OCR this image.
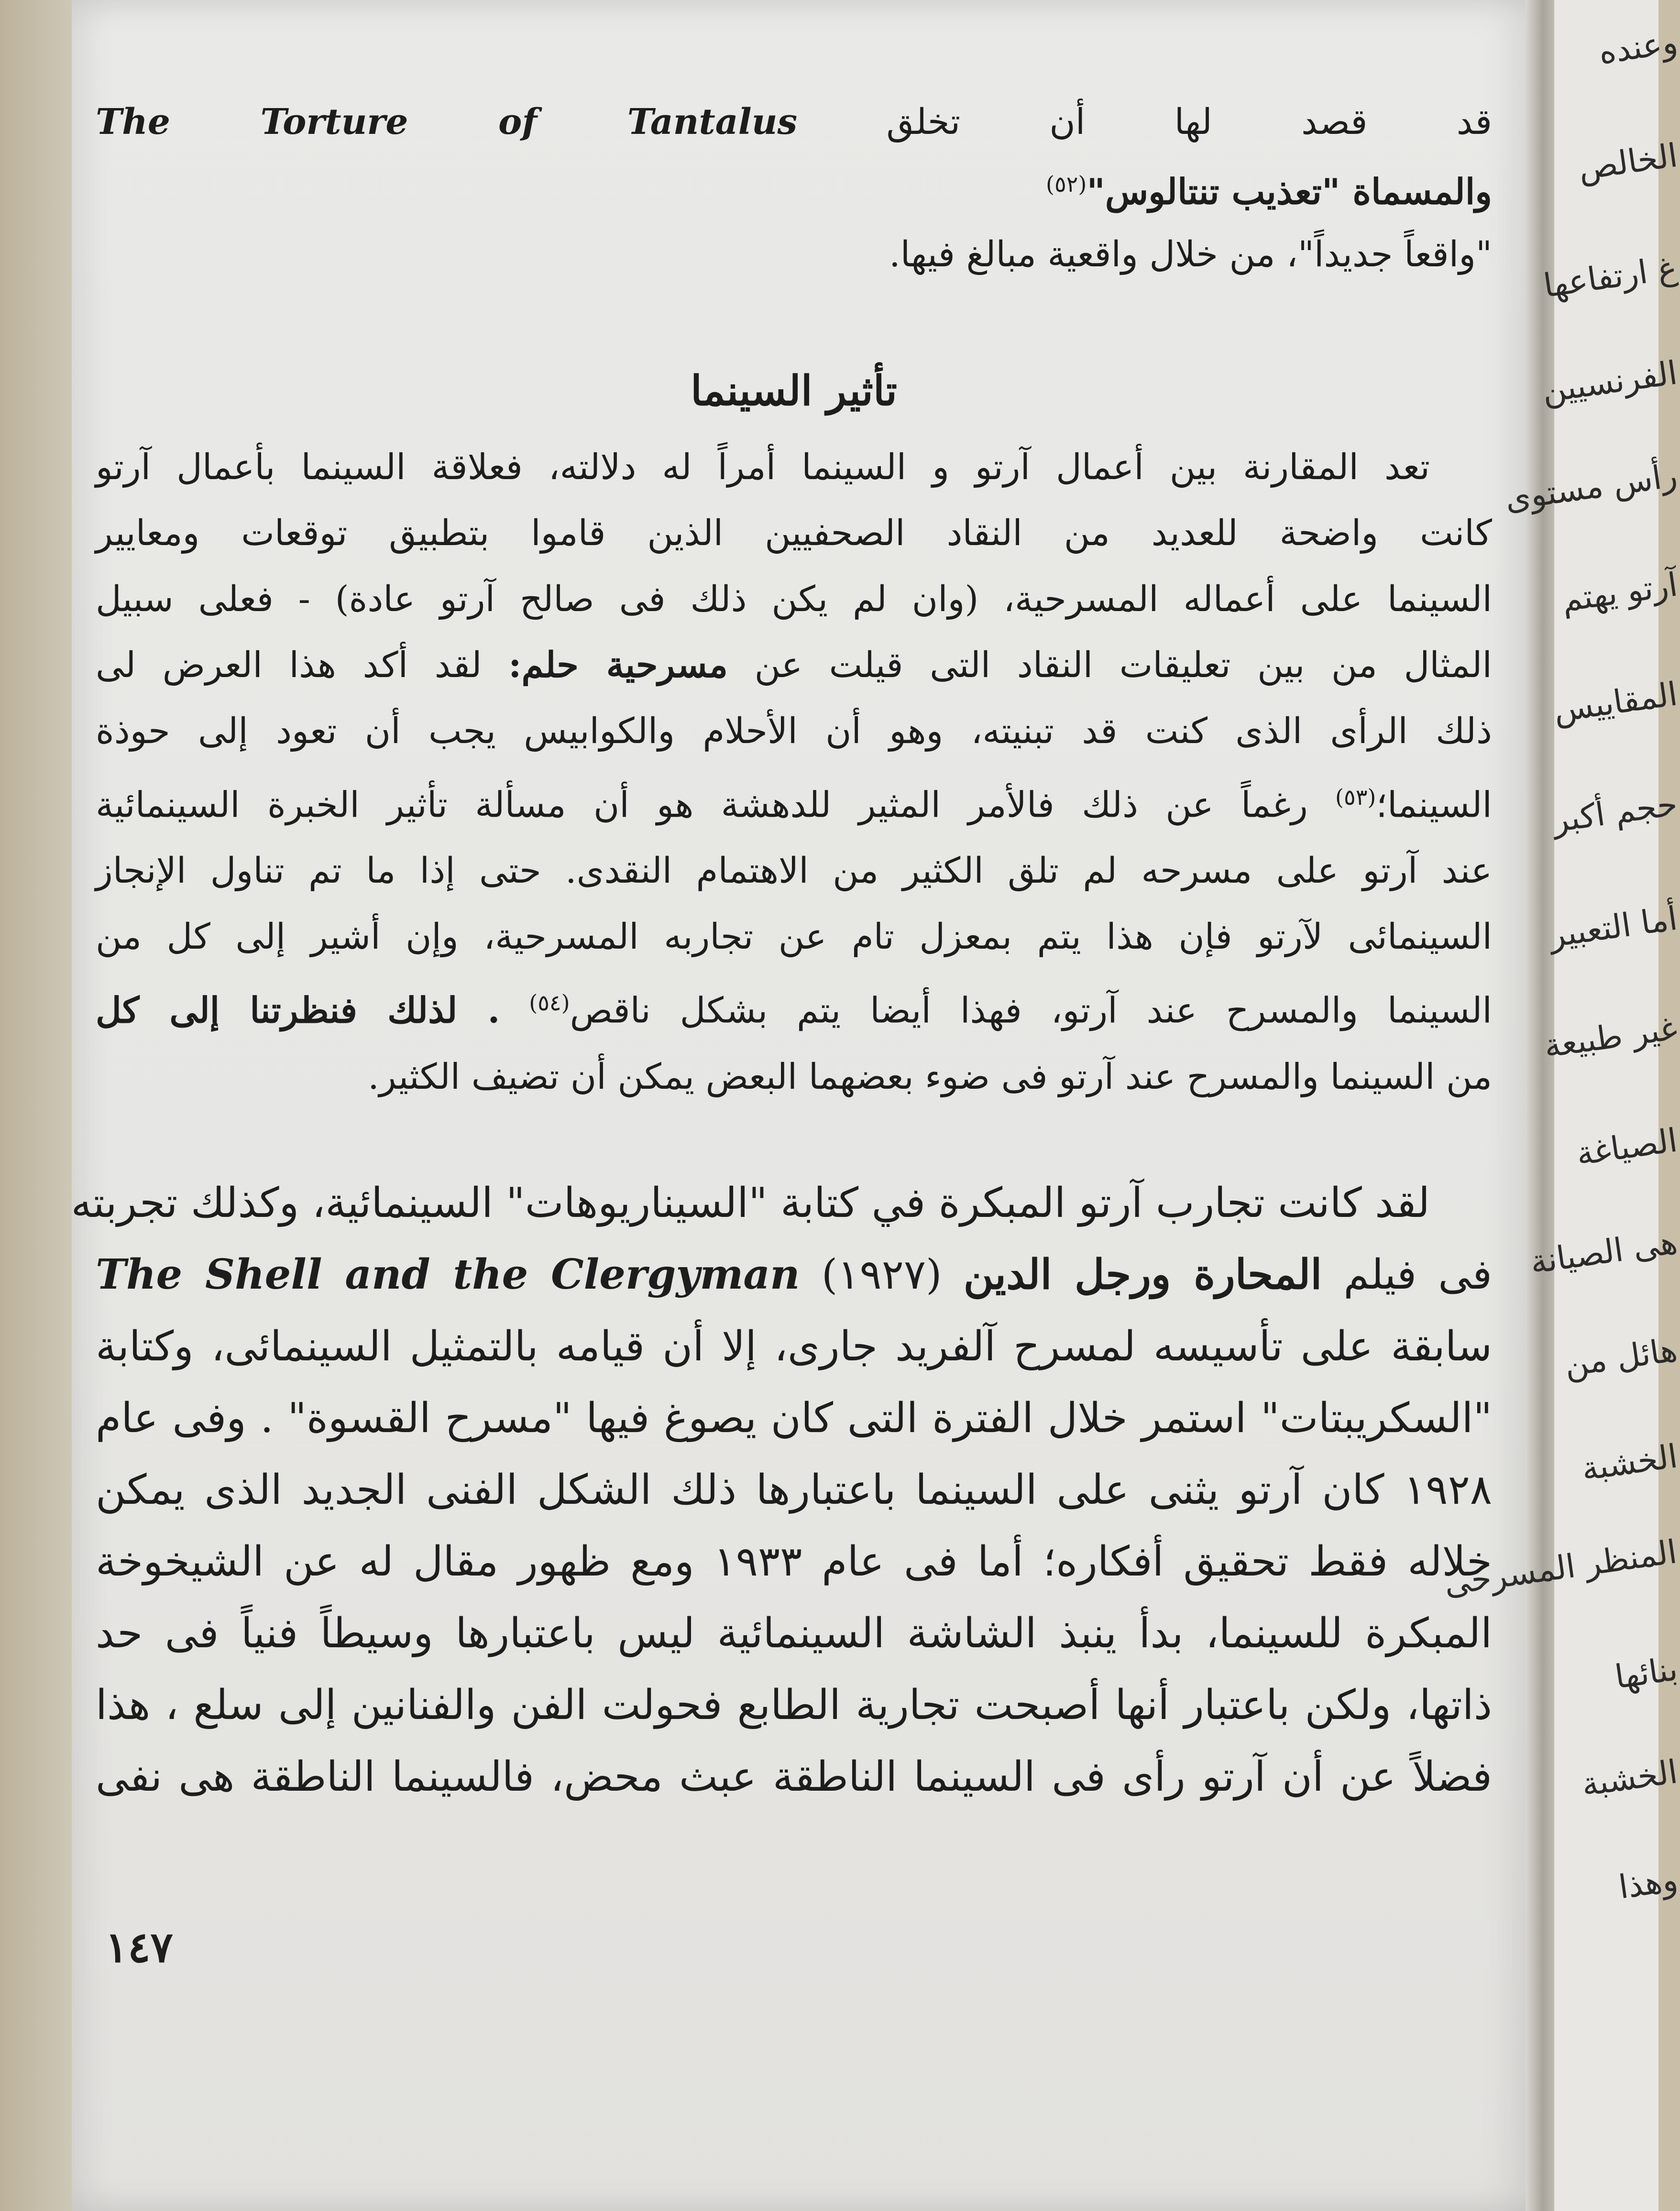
وعنده
الخالص
غ ارتفاعها
الفرنسيين
رأس مستوى
آرتو يهتم
المقاييس
حجم أكبر
أما التعبير
غير طبيعة
الصياغة
هى الصيانة
هائل من
الخشبة
المنظر المسرحى
بنائها
الخشبة
وهذا
قد قصد لها أن تخلق The Torture of Tantalus
والمسماة "تعذيب تنتالوس"$^{(٥٢)}$
"واقعاً جديداً"، من خلال واقعية مبالغ فيها.
تأثير السينما
تعد المقارنة بين أعمال آرتو و السينما أمراً له دلالته، فعلاقة السينما بأعمال آرتو
كانت واضحة للعديد من النقاد الصحفيين الذين قاموا بتطبيق توقعات ومعايير
السينما على أعماله المسرحية، (وان لم يكن ذلك فى صالح آرتو عادة) - فعلى سبيل
المثال من بين تعليقات النقاد التى قيلت عن مسرحية حلم: لقد أكد هذا العرض لى
ذلك الرأى الذى كنت قد تبنيته، وهو أن الأحلام والكوابيس يجب أن تعود إلى حوذة
السينما؛$^{(٥٣)}$ رغماً عن ذلك فالأمر المثير للدهشة هو أن مسألة تأثير الخبرة السينمائية
عند آرتو على مسرحه لم تلق الكثير من الاهتمام النقدى. حتى إذا ما تم تناول الإنجاز
السينمائى لآرتو فإن هذا يتم بمعزل تام عن تجاربه المسرحية، وإن أشير إلى كل من
السينما والمسرح عند آرتو، فهذا أيضا يتم بشكل ناقص$^{(٥٤)}$ . لذلك فنظرتنا إلى كل
من السينما والمسرح عند آرتو فى ضوء بعضهما البعض يمكن أن تضيف الكثير.
لقد كانت تجارب آرتو المبكرة في كتابة "السيناريوهات" السينمائية، وكذلك تجربته
فى فيلم المحارة ورجل الدين (١٩٢٧) The Shell and the Clergyman
سابقة على تأسيسه لمسرح آلفريد جارى، إلا أن قيامه بالتمثيل السينمائى، وكتابة
"السكريبتات" استمر خلال الفترة التى كان يصوغ فيها "مسرح القسوة" . وفى عام
١٩٢٨ كان آرتو يثنى على السينما باعتبارها ذلك الشكل الفنى الجديد الذى يمكن
خلاله فقط تحقيق أفكاره؛ أما فى عام ١٩٣٣ ومع ظهور مقال له عن الشيخوخة
المبكرة للسينما، بدأ ينبذ الشاشة السينمائية ليس باعتبارها وسيطاً فنياً فى حد
ذاتها، ولكن باعتبار أنها أصبحت تجارية الطابع فحولت الفن والفنانين إلى سلع ، هذا
فضلاً عن أن آرتو رأى فى السينما الناطقة عبث محض، فالسينما الناطقة هى نفى
١٤٧
